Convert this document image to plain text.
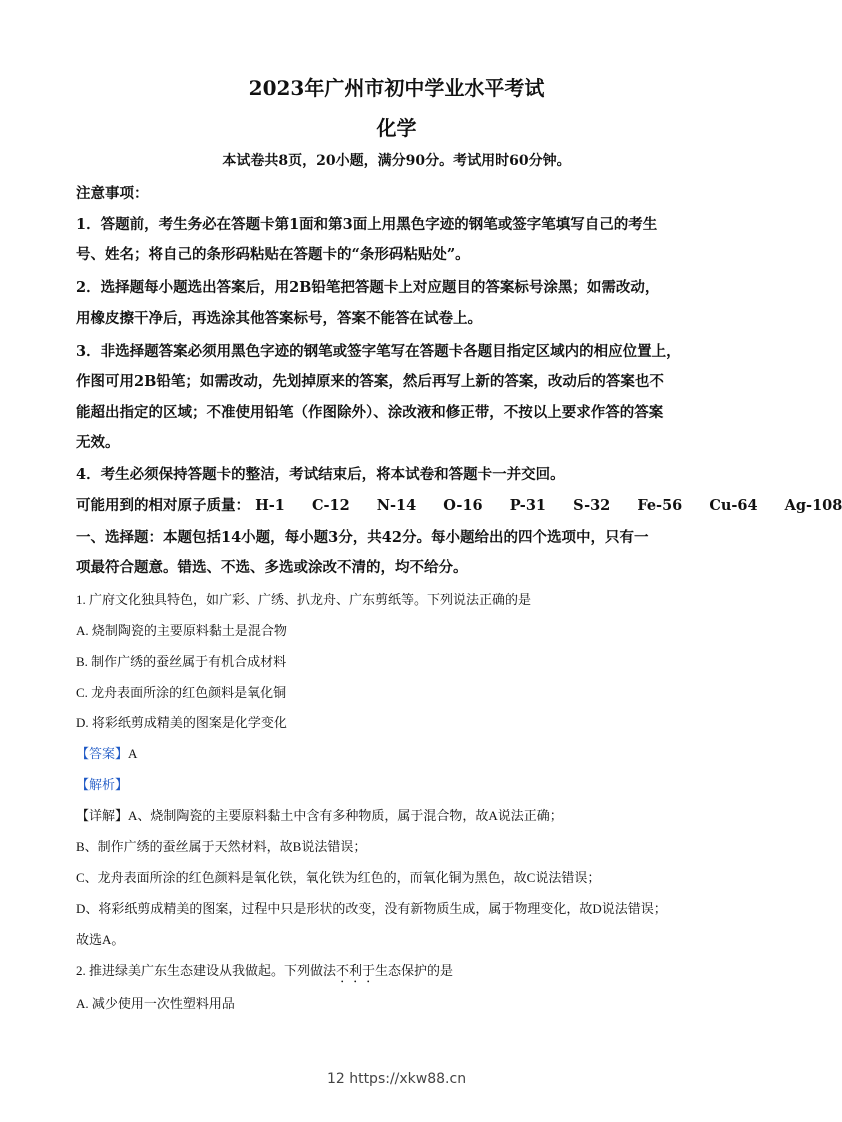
2023年广州市初中学业水平考试
化学
本试卷共8页，20小题，满分90分。考试用时60分钟。
注意事项：
1．答题前，考生务必在答题卡第1面和第3面上用黑色字迹的钢笔或签字笔填写自己的考生
号、姓名；将自己的条形码粘贴在答题卡的“条形码粘贴处”。
2．选择题每小题选出答案后，用2B铅笔把答题卡上对应题目的答案标号涂黑；如需改动，
用橡皮擦干净后，再选涂其他答案标号，答案不能答在试卷上。
3．非选择题答案必须用黑色字迹的钢笔或签字笔写在答题卡各题目指定区域内的相应位置上，
作图可用2B铅笔；如需改动，先划掉原来的答案，然后再写上新的答案，改动后的答案也不
能超出指定的区域；不准使用铅笔（作图除外）、涂改液和修正带，不按以上要求作答的答案
无效。
4．考生必须保持答题卡的整洁，考试结束后，将本试卷和答题卡一并交回。
可能用到的相对原子质量： H-1 C-12 N-14 O-16 P-31 S-32 Fe-56 Cu-64 Ag-108
一、选择题：本题包括14小题，每小题3分，共42分。每小题给出的四个选项中，只有一
项最符合题意。错选、不选、多选或涂改不清的，均不给分。
1. 广府文化独具特色，如广彩、广绣、扒龙舟、广东剪纸等。下列说法正确的是
A. 烧制陶瓷的主要原料黏土是混合物
B. 制作广绣的蚕丝属于有机合成材料
C. 龙舟表面所涂的红色颜料是氧化铜
D. 将彩纸剪成精美的图案是化学变化
【答案】A
【解析】
【详解】A、烧制陶瓷的主要原料黏土中含有多种物质，属于混合物，故A说法正确；
B、制作广绣的蚕丝属于天然材料，故B说法错误；
C、龙舟表面所涂的红色颜料是氧化铁，氧化铁为红色的，而氧化铜为黑色，故C说法错误；
D、将彩纸剪成精美的图案，过程中只是形状的改变，没有新物质生成，属于物理变化，故D说法错误；
故选A。
2. 推进绿美广东生态建设从我做起。下列做法不利于生态保护的是
A. 减少使用一次性塑料用品
12 https://xkw88.cn
